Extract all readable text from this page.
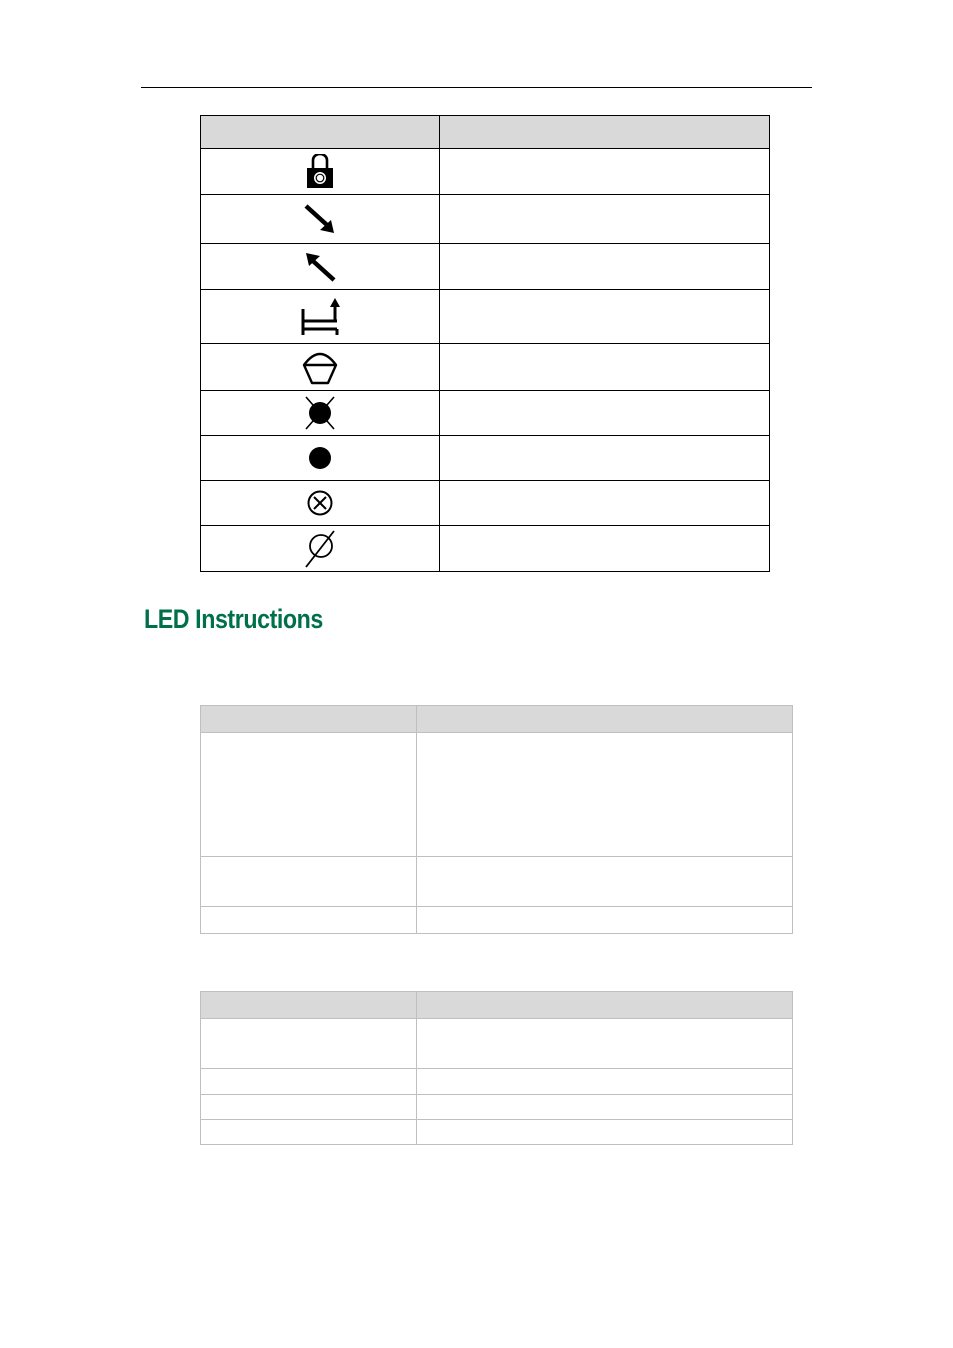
LED Instructions
